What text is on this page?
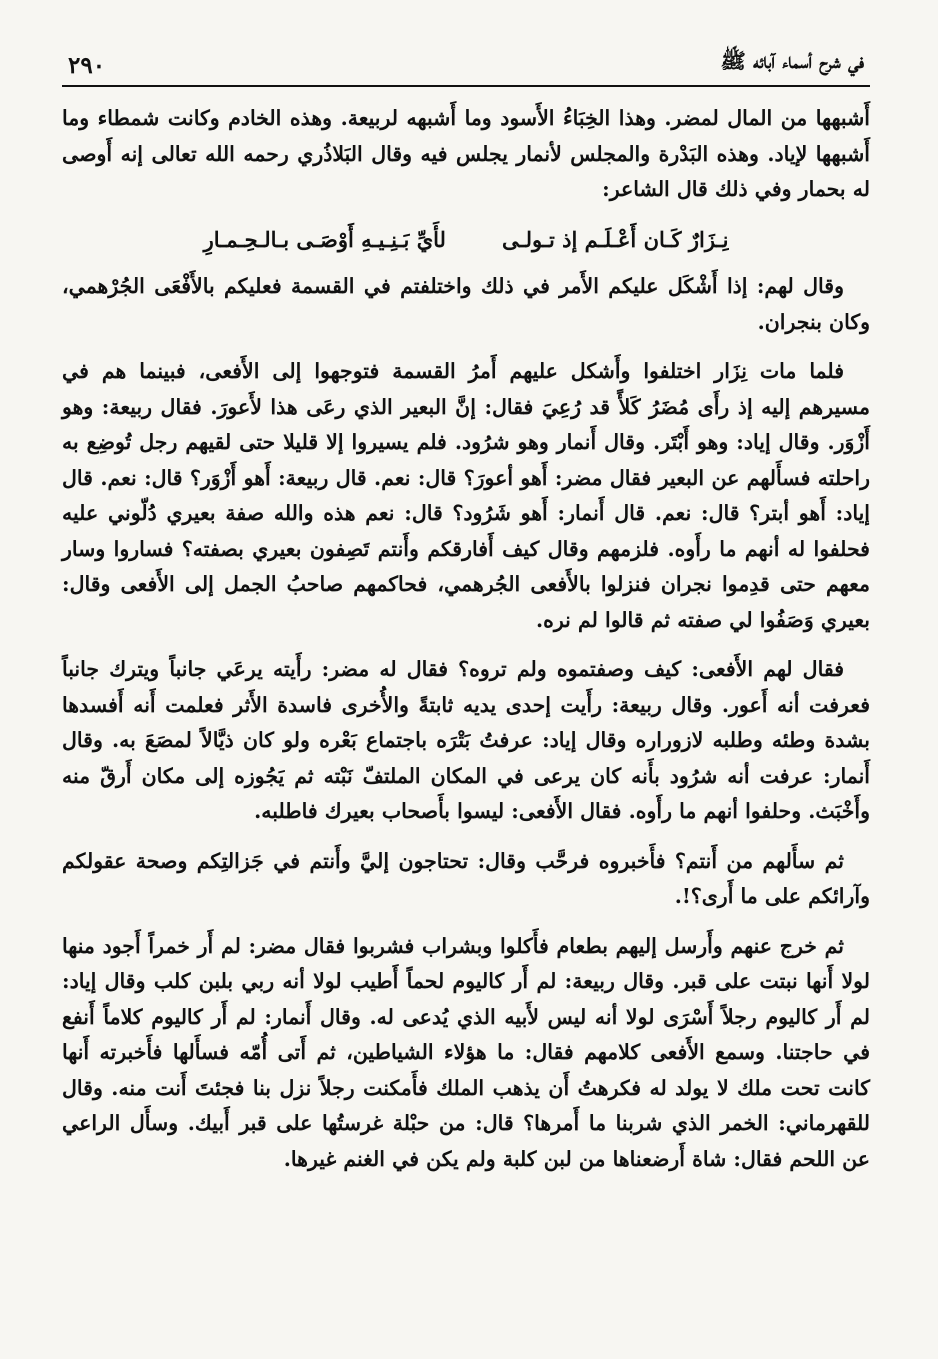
في شرح أسماء آبائه ﷺ
٢٩٠

أَشبهها من المال لمضر. وهذا الخِبَاءُ الأَسود وما أَشبهه لربيعة. وهذه الخادم وكانت شمطاء وما أَشبهها لإياد. وهذه البَدْرة والمجلس لأنمار يجلس فيه وقال البَلاذُري رحمه الله تعالى إنه أَوصى له بحمار وفي ذلك قال الشاعر:

نِـزَارٌ كَـان أَعْـلَـم إذ تـولـى
لأَيِّ بَـنِـيـهِ أَوْصَـى بـالـحِـمـارِ

وقال لهم: إذا أَشْكَل عليكم الأَمر في ذلك واختلفتم في القسمة فعليكم بالأَفْعَى الجُرْهمي، وكان بنجران.

فلما مات نِزَار اختلفوا وأَشكل عليهم أَمرُ القسمة فتوجهوا إلى الأَفعى، فبينما هم في مسيرهم إليه إذ رأَى مُضَرُ كَلأً قد رُعِيَ فقال: إنَّ البعير الذي رعَى هذا لأَعورَ. فقال ربيعة: وهو أَزْوَر. وقال إياد: وهو أَبْتَر. وقال أَنمار وهو شرُود. فلم يسيروا إلا قليلا حتى لقيهم رجل تُوضِع به راحلته فسأَلهم عن البعير فقال مضر: أَهو أعورَ؟ قال: نعم. قال ربيعة: أَهو أَزْوَر؟ قال: نعم. قال إياد: أَهو أبتر؟ قال: نعم. قال أَنمار: أَهو شَرُود؟ قال: نعم هذه والله صفة بعيري دُلّوني عليه فحلفوا له أنهم ما رأَوه. فلزمهم وقال كيف أَفارقكم وأَنتم تَصِفون بعيري بصفته؟ فساروا وسار معهم حتى قدِموا نجران فنزلوا بالأَفعى الجُرهمي، فحاكمهم صاحبُ الجمل إلى الأَفعى وقال: بعيري وَصَفُوا لي صفته ثم قالوا لم نره.

فقال لهم الأَفعى: كيف وصفتموه ولم تروه؟ فقال له مضر: رأَيته يرعَي جانباً ويترك جانباً فعرفت أنه أَعور. وقال ربيعة: رأَيت إحدى يديه ثابتةً والأُخرى فاسدة الأَثر فعلمت أَنه أَفسدها بشدة وطئه وطلبه لازوراره وقال إياد: عرفتُ بَتْرَه باجتماع بَعْره ولو كان ذيَّالاً لمصَعَ به. وقال أَنمار: عرفت أنه شرُود بأَنه كان يرعى في المكان الملتفّ نَبْته ثم يَجُوزه إلى مكان أَرقّ منه وأَخْبَث. وحلفوا أنهم ما رأَوه. فقال الأَفعى: ليسوا بأَصحاب بعيرك فاطلبه.

ثم سأَلهم من أَنتم؟ فأَخبروه فرحَّب وقال: تحتاجون إليَّ وأَنتم في جَزالتِكم وصحة عقولكم وآرائكم على ما أَرى؟!.

ثم خرج عنهم وأَرسل إليهم بطعام فأَكلوا وبشراب فشربوا فقال مضر: لم أَر خمراً أَجود منها لولا أَنها نبتت على قبر. وقال ربيعة: لم أَر كاليوم لحماً أَطيب لولا أنه ربي بلبن كلب وقال إياد: لم أَر كاليوم رجلاً أَسْرَى لولا أنه ليس لأَبيه الذي يُدعى له. وقال أَنمار: لم أَر كاليوم كلاماً أَنفع في حاجتنا. وسمع الأَفعى كلامهم فقال: ما هؤلاء الشياطين، ثم أَتى أُمّه فسأَلها فأَخبرته أَنها كانت تحت ملك لا يولد له فكرهتُ أَن يذهب الملك فأَمكنت رجلاً نزل بنا فجئتَ أَنت منه. وقال للقهرماني: الخمر الذي شربنا ما أَمرها؟ قال: من حبْلة غرستُها على قبر أَبيك. وسأَل الراعي عن اللحم فقال: شاة أَرضعناها من لبن كلبة ولم يكن في الغنم غيرها.
